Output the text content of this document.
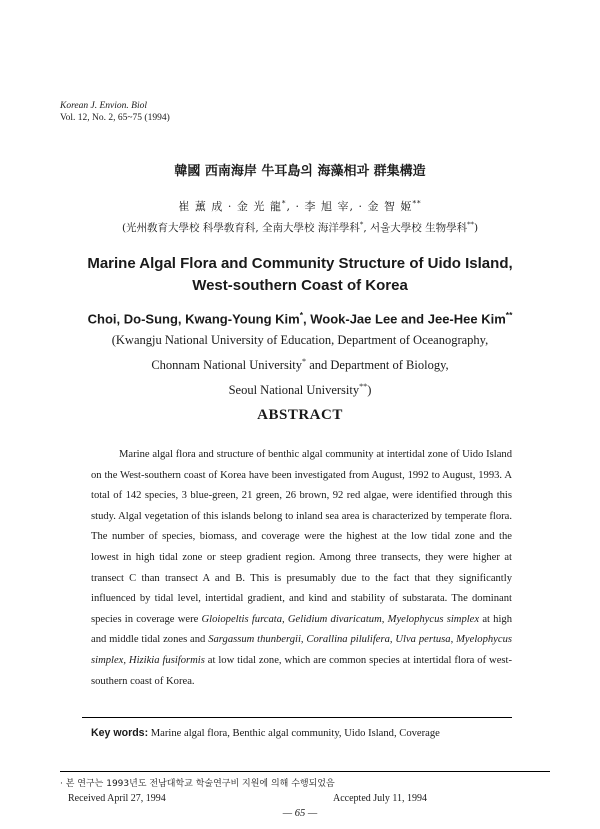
Korean J. Envion. Biol
Vol. 12, No. 2, 65~75 (1994)
韓國 西南海岸 牛耳島의 海藻相과 群集構造
崔 薰 成 · 金 光 龍*, · 李 旭 宰, · 金 智 姬**
(光州敎育大學校 科學敎育科, 全南大學校 海洋學科*, 서울大學校 生物學科**)
Marine Algal Flora and Community Structure of Uido Island,
West-southern Coast of Korea
Choi, Do-Sung, Kwang-Young Kim*, Wook-Jae Lee and Jee-Hee Kim**
(Kwangju National University of Education, Department of Oceanography,
Chonnam National University* and Department of Biology,
Seoul National University**)
ABSTRACT

Marine algal flora and structure of benthic algal community at intertidal zone of Uido Island on the West-southern coast of Korea have been investigated from August, 1992 to August, 1993. A total of 142 species, 3 blue-green, 21 green, 26 brown, 92 red algae, were identified through this study. Algal vegetation of this islands belong to inland sea area is characterized by temperate flora. The number of species, biomass, and coverage were the highest at the low tidal zone and the lowest in high tidal zone or steep gradient region. Among three transects, they were higher at transect C than transect A and B. This is presumably due to the fact that they significantly influenced by tidal level, intertidal gradient, and kind and stability of substarata. The dominant species in coverage were Gloiopeltis furcata, Gelidium divaricatum, Myelophycus simplex at high and middle tidal zones and Sargassum thunbergii, Corallina pilulifera, Ulva pertusa, Myelophycus simplex, Hizikia fusiformis at low tidal zone, which are common species at intertidal flora of west-southern coast of Korea.

Key words: Marine algal flora, Benthic algal community, Uido Island, Coverage
· 본 연구는 1993년도 전남대학교 학술연구비 지원에 의해 수행되었음
Received April 27, 1994	Accepted July 11, 1994
— 65 —
